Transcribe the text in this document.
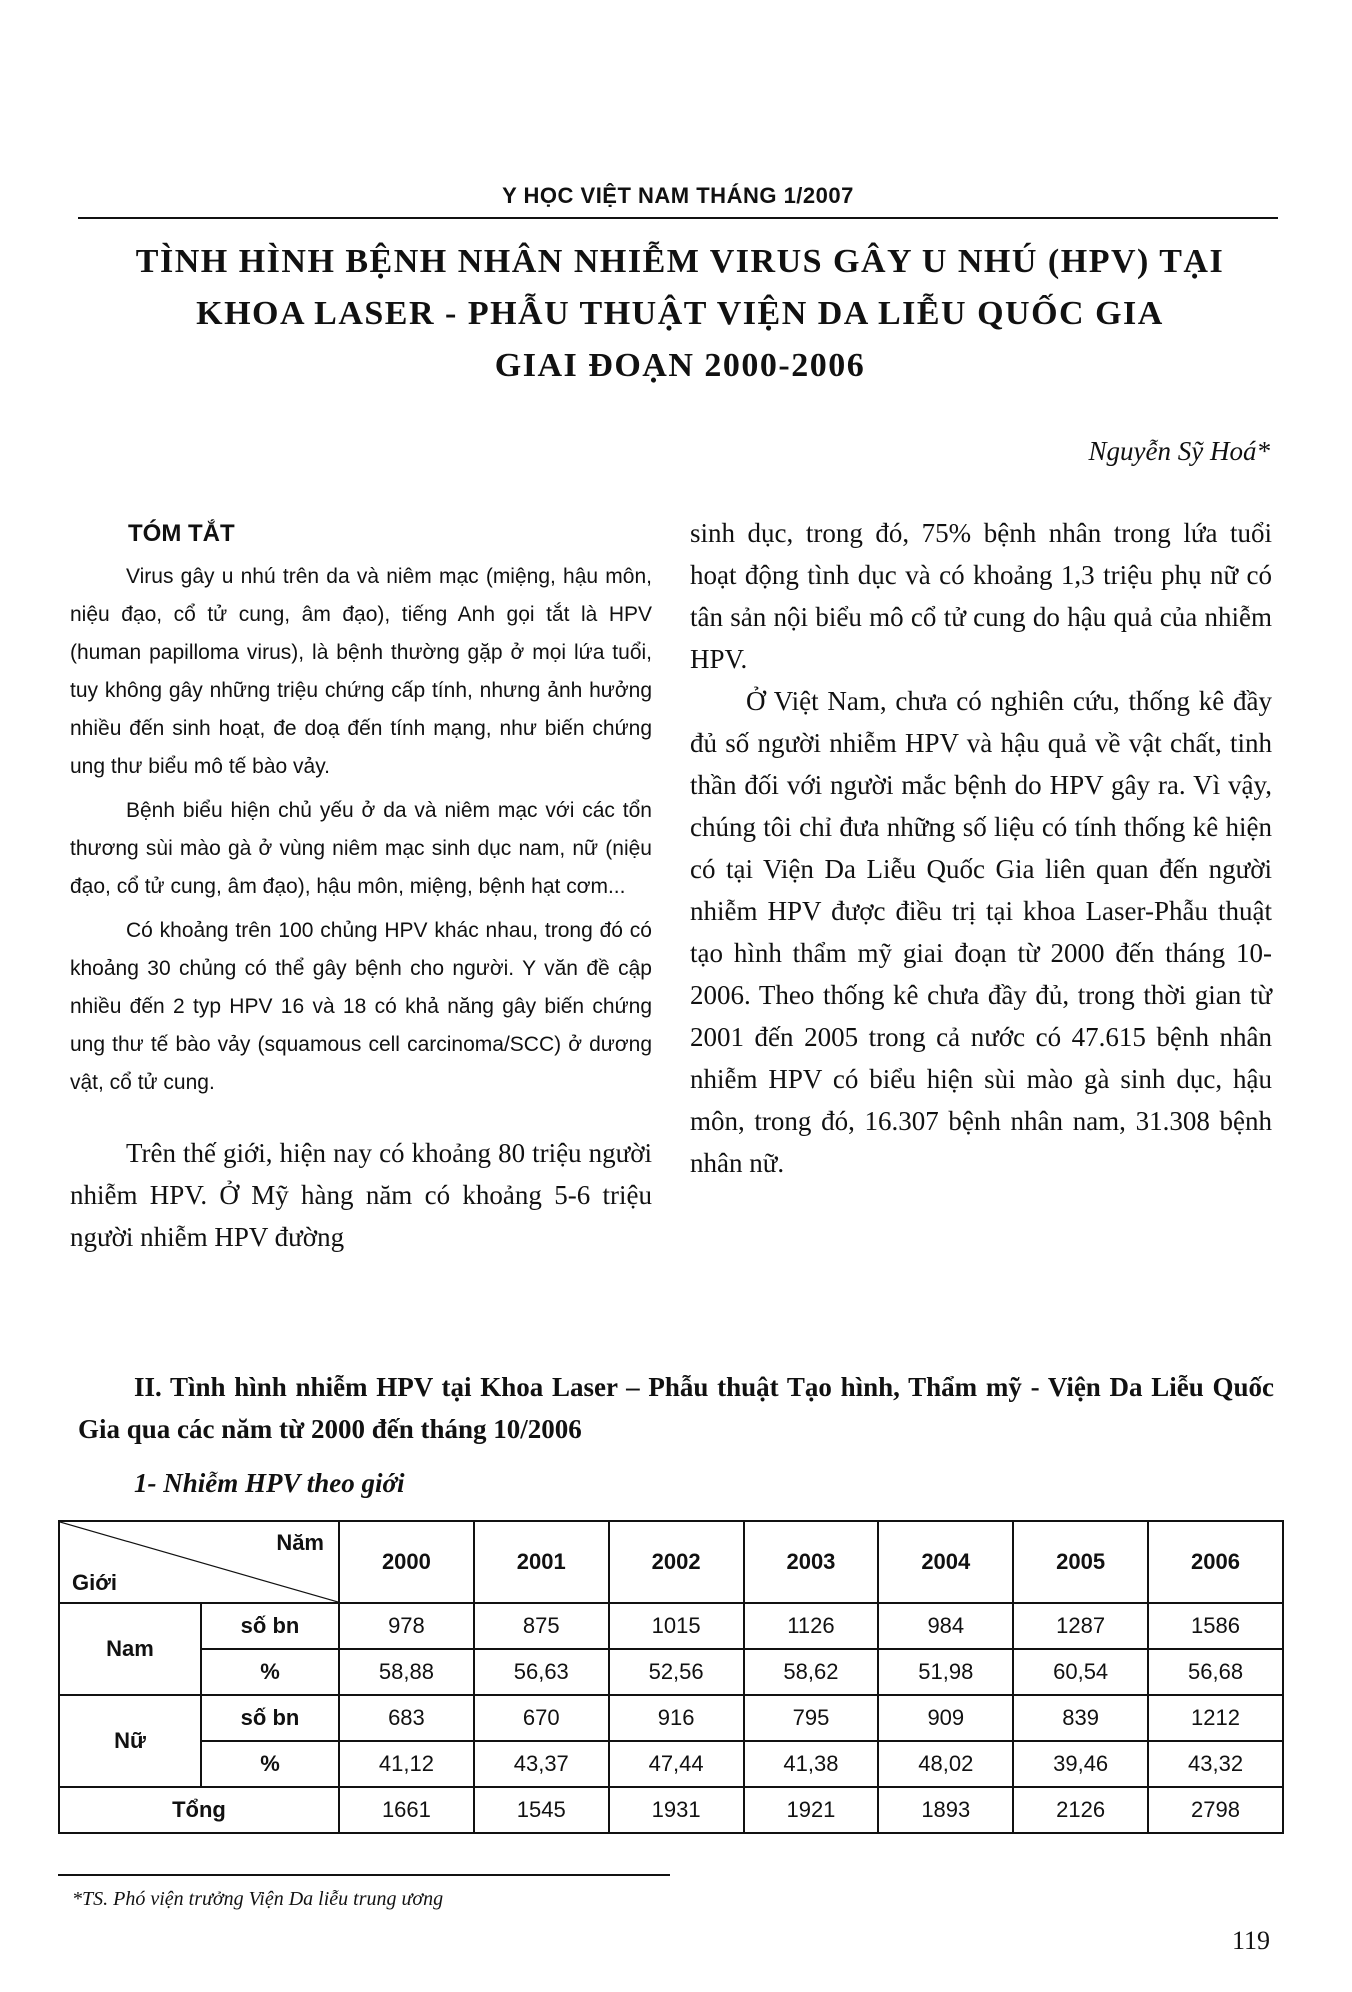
Y HỌC VIỆT NAM THÁNG 1/2007
TÌNH HÌNH BỆNH NHÂN NHIỄM VIRUS GÂY U NHÚ (HPV) TẠI
KHOA LASER - PHẪU THUẬT VIỆN DA LIỄU QUỐC GIA
GIAI ĐOẠN 2000-2006
Nguyễn Sỹ Hoá*
TÓM TẮT

Virus gây u nhú trên da và niêm mạc (miệng, hậu môn, niệu đạo, cổ tử cung, âm đạo), tiếng Anh gọi tắt là HPV (human papilloma virus), là bệnh thường gặp ở mọi lứa tuổi, tuy không gây những triệu chứng cấp tính, nhưng ảnh hưởng nhiều đến sinh hoạt, đe doạ đến tính mạng, như biến chứng ung thư biểu mô tế bào vảy.

Bệnh biểu hiện chủ yếu ở da và niêm mạc với các tổn thương sùi mào gà ở vùng niêm mạc sinh dục nam, nữ (niệu đạo, cổ tử cung, âm đạo), hậu môn, miệng, bệnh hạt cơm...

Có khoảng trên 100 chủng HPV khác nhau, trong đó có khoảng 30 chủng có thể gây bệnh cho người. Y văn đề cập nhiều đến 2 typ HPV 16 và 18 có khả năng gây biến chứng ung thư tế bào vảy (squamous cell carcinoma/SCC) ở dương vật, cổ tử cung.

Trên thế giới, hiện nay có khoảng 80 triệu người nhiễm HPV. Ở Mỹ hàng năm có khoảng 5-6 triệu người nhiễm HPV đường

sinh dục, trong đó, 75% bệnh nhân trong lứa tuổi hoạt động tình dục và có khoảng 1,3 triệu phụ nữ có tân sản nội biểu mô cổ tử cung do hậu quả của nhiễm HPV.

Ở Việt Nam, chưa có nghiên cứu, thống kê đầy đủ số người nhiễm HPV và hậu quả về vật chất, tinh thần đối với người mắc bệnh do HPV gây ra. Vì vậy, chúng tôi chỉ đưa những số liệu có tính thống kê hiện có tại Viện Da Liễu Quốc Gia liên quan đến người nhiễm HPV được điều trị tại khoa Laser-Phẫu thuật tạo hình thẩm mỹ giai đoạn từ 2000 đến tháng 10-2006. Theo thống kê chưa đầy đủ, trong thời gian từ 2001 đến 2005 trong cả nước có 47.615 bệnh nhân nhiễm HPV có biểu hiện sùi mào gà sinh dục, hậu môn, trong đó, 16.307 bệnh nhân nam, 31.308 bệnh nhân nữ.

II. Tình hình nhiễm HPV tại Khoa Laser – Phẫu thuật Tạo hình, Thẩm mỹ - Viện Da Liễu Quốc Gia qua các năm từ 2000 đến tháng 10/2006
1- Nhiễm HPV theo giới
Năm
Giới		2000	2001	2002	2003	2004	2005	2006
Nam	số bn	978	875	1015	1126	984	1287	1586
	%	58,88	56,63	52,56	58,62	51,98	60,54	56,68
Nữ	số bn	683	670	916	795	909	839	1212
	%	41,12	43,37	47,44	41,38	48,02	39,46	43,32
Tổng		1661	1545	1931	1921	1893	2126	2798
*TS. Phó viện trưởng Viện Da liễu trung ương
119
